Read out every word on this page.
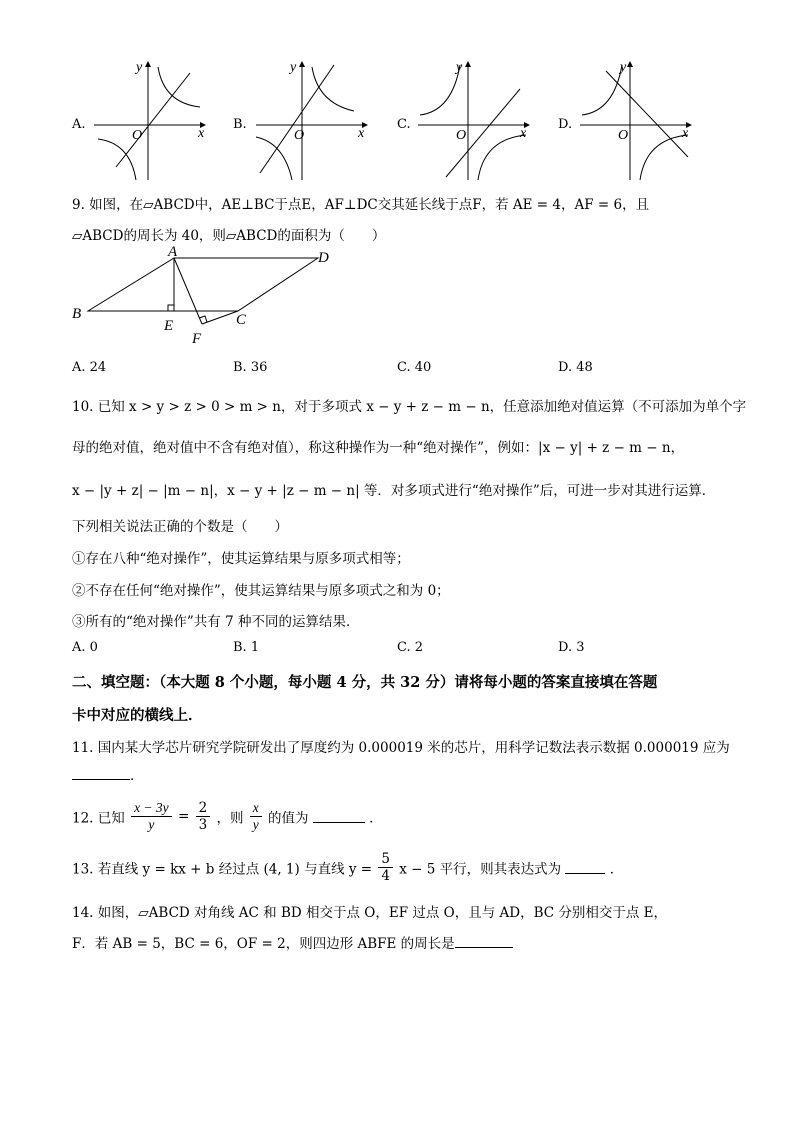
A.
y
x
O
B.
y
x
O
C.
y
x
O
D.
y
x
O
9. 如图，在▱ABCD中，AE⊥BC于点E，AF⊥DC交其延长线于点F，若 AE = 4，AF = 6，且
▱ABCD的周长为 40，则▱ABCD的面积为（　　）
A	D
B	C
E
F
A. 24	B. 36	C. 40	D. 48
10. 已知 x > y > z > 0 > m > n，对于多项式 x − y + z − m − n，任意添加绝对值运算（不可添加为单个字
母的绝对值，绝对值中不含有绝对值），称这种操作为一种“绝对操作”，例如：|x − y| + z − m − n，
x − |y + z| − |m − n|，x − y + |z − m − n| 等．对多项式进行“绝对操作”后，可进一步对其进行运算．
下列相关说法正确的个数是（　　）
①存在八种“绝对操作”，使其运算结果与原多项式相等；
②不存在任何“绝对操作”，使其运算结果与原多项式之和为 0；
③所有的“绝对操作”共有 7 种不同的运算结果．
A. 0	B. 1	C. 2	D. 3
二、填空题：（本大题 8 个小题，每小题 4 分，共 32 分）请将每小题的答案直接填在答题
卡中对应的横线上．
11. 国内某大学芯片研究学院研发出了厚度约为 0.000019 米的芯片，用科学记数法表示数据 0.000019 应为
．
12. 已知 $\frac{x - 3y}{y} = \frac{2}{3}$ ，则 $\frac{x}{y}$ 的值为	．
13. 若直线 y = kx + b 经过点 (4, 1) 与直线 $y = \frac{5}{4}$ x − 5 平行，则其表达式为	．
14. 如图，▱ABCD 对角线 AC 和 BD 相交于点 O，EF 过点 O，且与 AD，BC 分别相交于点 E，
F．若 AB = 5，BC = 6，OF = 2，则四边形 ABFE 的周长是
